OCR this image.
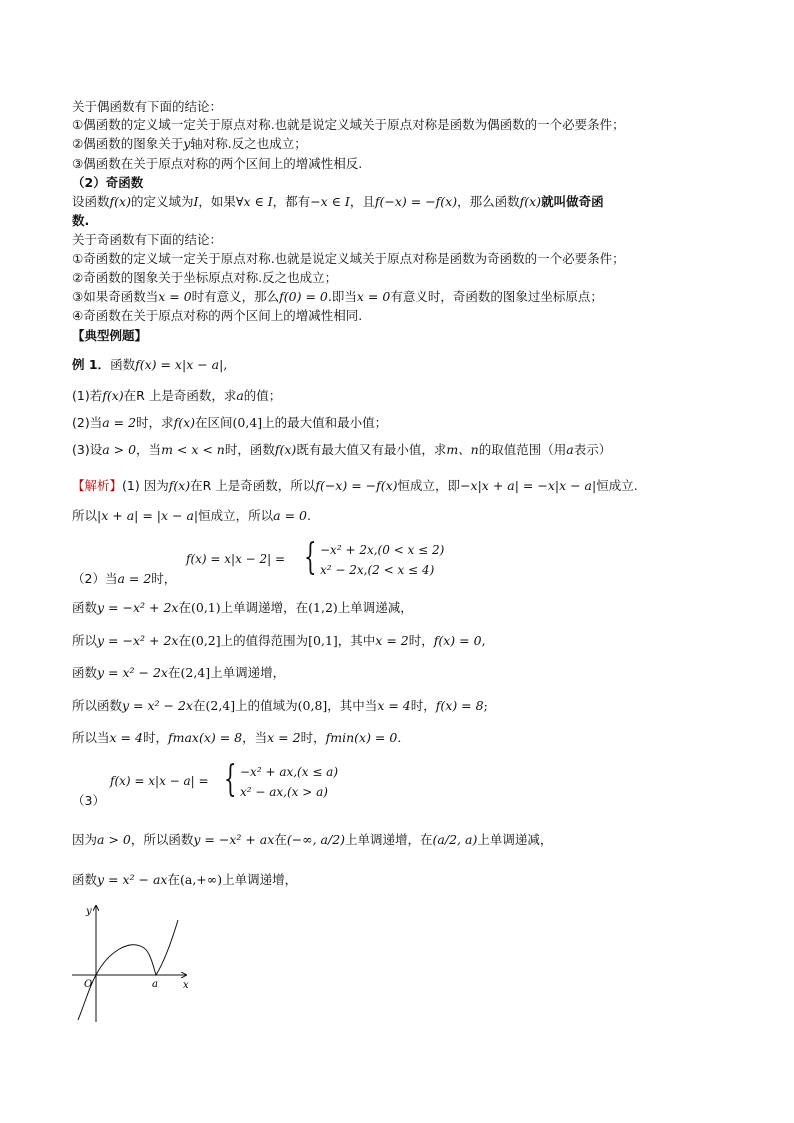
关于偶函数有下面的结论：
①偶函数的定义域一定关于原点对称.也就是说定义域关于原点对称是函数为偶函数的一个必要条件；
②偶函数的图象关于y轴对称.反之也成立；
③偶函数在关于原点对称的两个区间上的增减性相反.
（2）奇函数
设函数f(x)的定义域为I，如果∀x ∈ I，都有−x ∈ I，且f(−x) = −f(x)，那么函数f(x)就叫做奇函
数.
关于奇函数有下面的结论：
①奇函数的定义域一定关于原点对称.也就是说定义域关于原点对称是函数为奇函数的一个必要条件；
②奇函数的图象关于坐标原点对称.反之也成立；
③如果奇函数当x = 0时有意义，那么f(0) = 0.即当x = 0有意义时，奇函数的图象过坐标原点；
④奇函数在关于原点对称的两个区间上的增减性相同.
【典型例题】
例 1．函数f(x) = x|x − a|,
(1)若f(x)在R 上是奇函数，求a的值；
(2)当a = 2时，求f(x)在区间(0,4]上的最大值和最小值；
(3)设a > 0，当m < x < n时，函数f(x)既有最大值又有最小值，求m、n的取值范围（用a表示）
【解析】(1) 因为f(x)在R 上是奇函数，所以f(−x) = −f(x)恒成立，即−x|x + a| = −x|x − a|恒成立.
所以|x + a| = |x − a|恒成立，所以a = 0.
（2）当a = 2时，
f(x) = x|x − 2| = { −x² + 2x,(0 < x ≤ 2)
x² − 2x,(2 < x ≤ 4)
函数y = −x² + 2x在(0,1)上单调递增，在(1,2)上单调递减，
所以y = −x² + 2x在(0,2]上的值得范围为[0,1]，其中x = 2时，f(x) = 0,
函数y = x² − 2x在(2,4]上单调递增，
所以函数y = x² − 2x在(2,4]上的值域为(0,8]，其中当x = 4时，f(x) = 8;
所以当x = 4时，fmax(x) = 8，当x = 2时，fmin(x) = 0.
（3）
f(x) = x|x − a| = { −x² + ax,(x ≤ a)
x² − ax,(x > a)
因为a > 0，所以函数y = −x² + ax在(−∞, a/2)上单调递增，在(a/2, a)上单调递减，
函数y = x² − ax在(a,+∞)上单调递增，
y
x
O	a
